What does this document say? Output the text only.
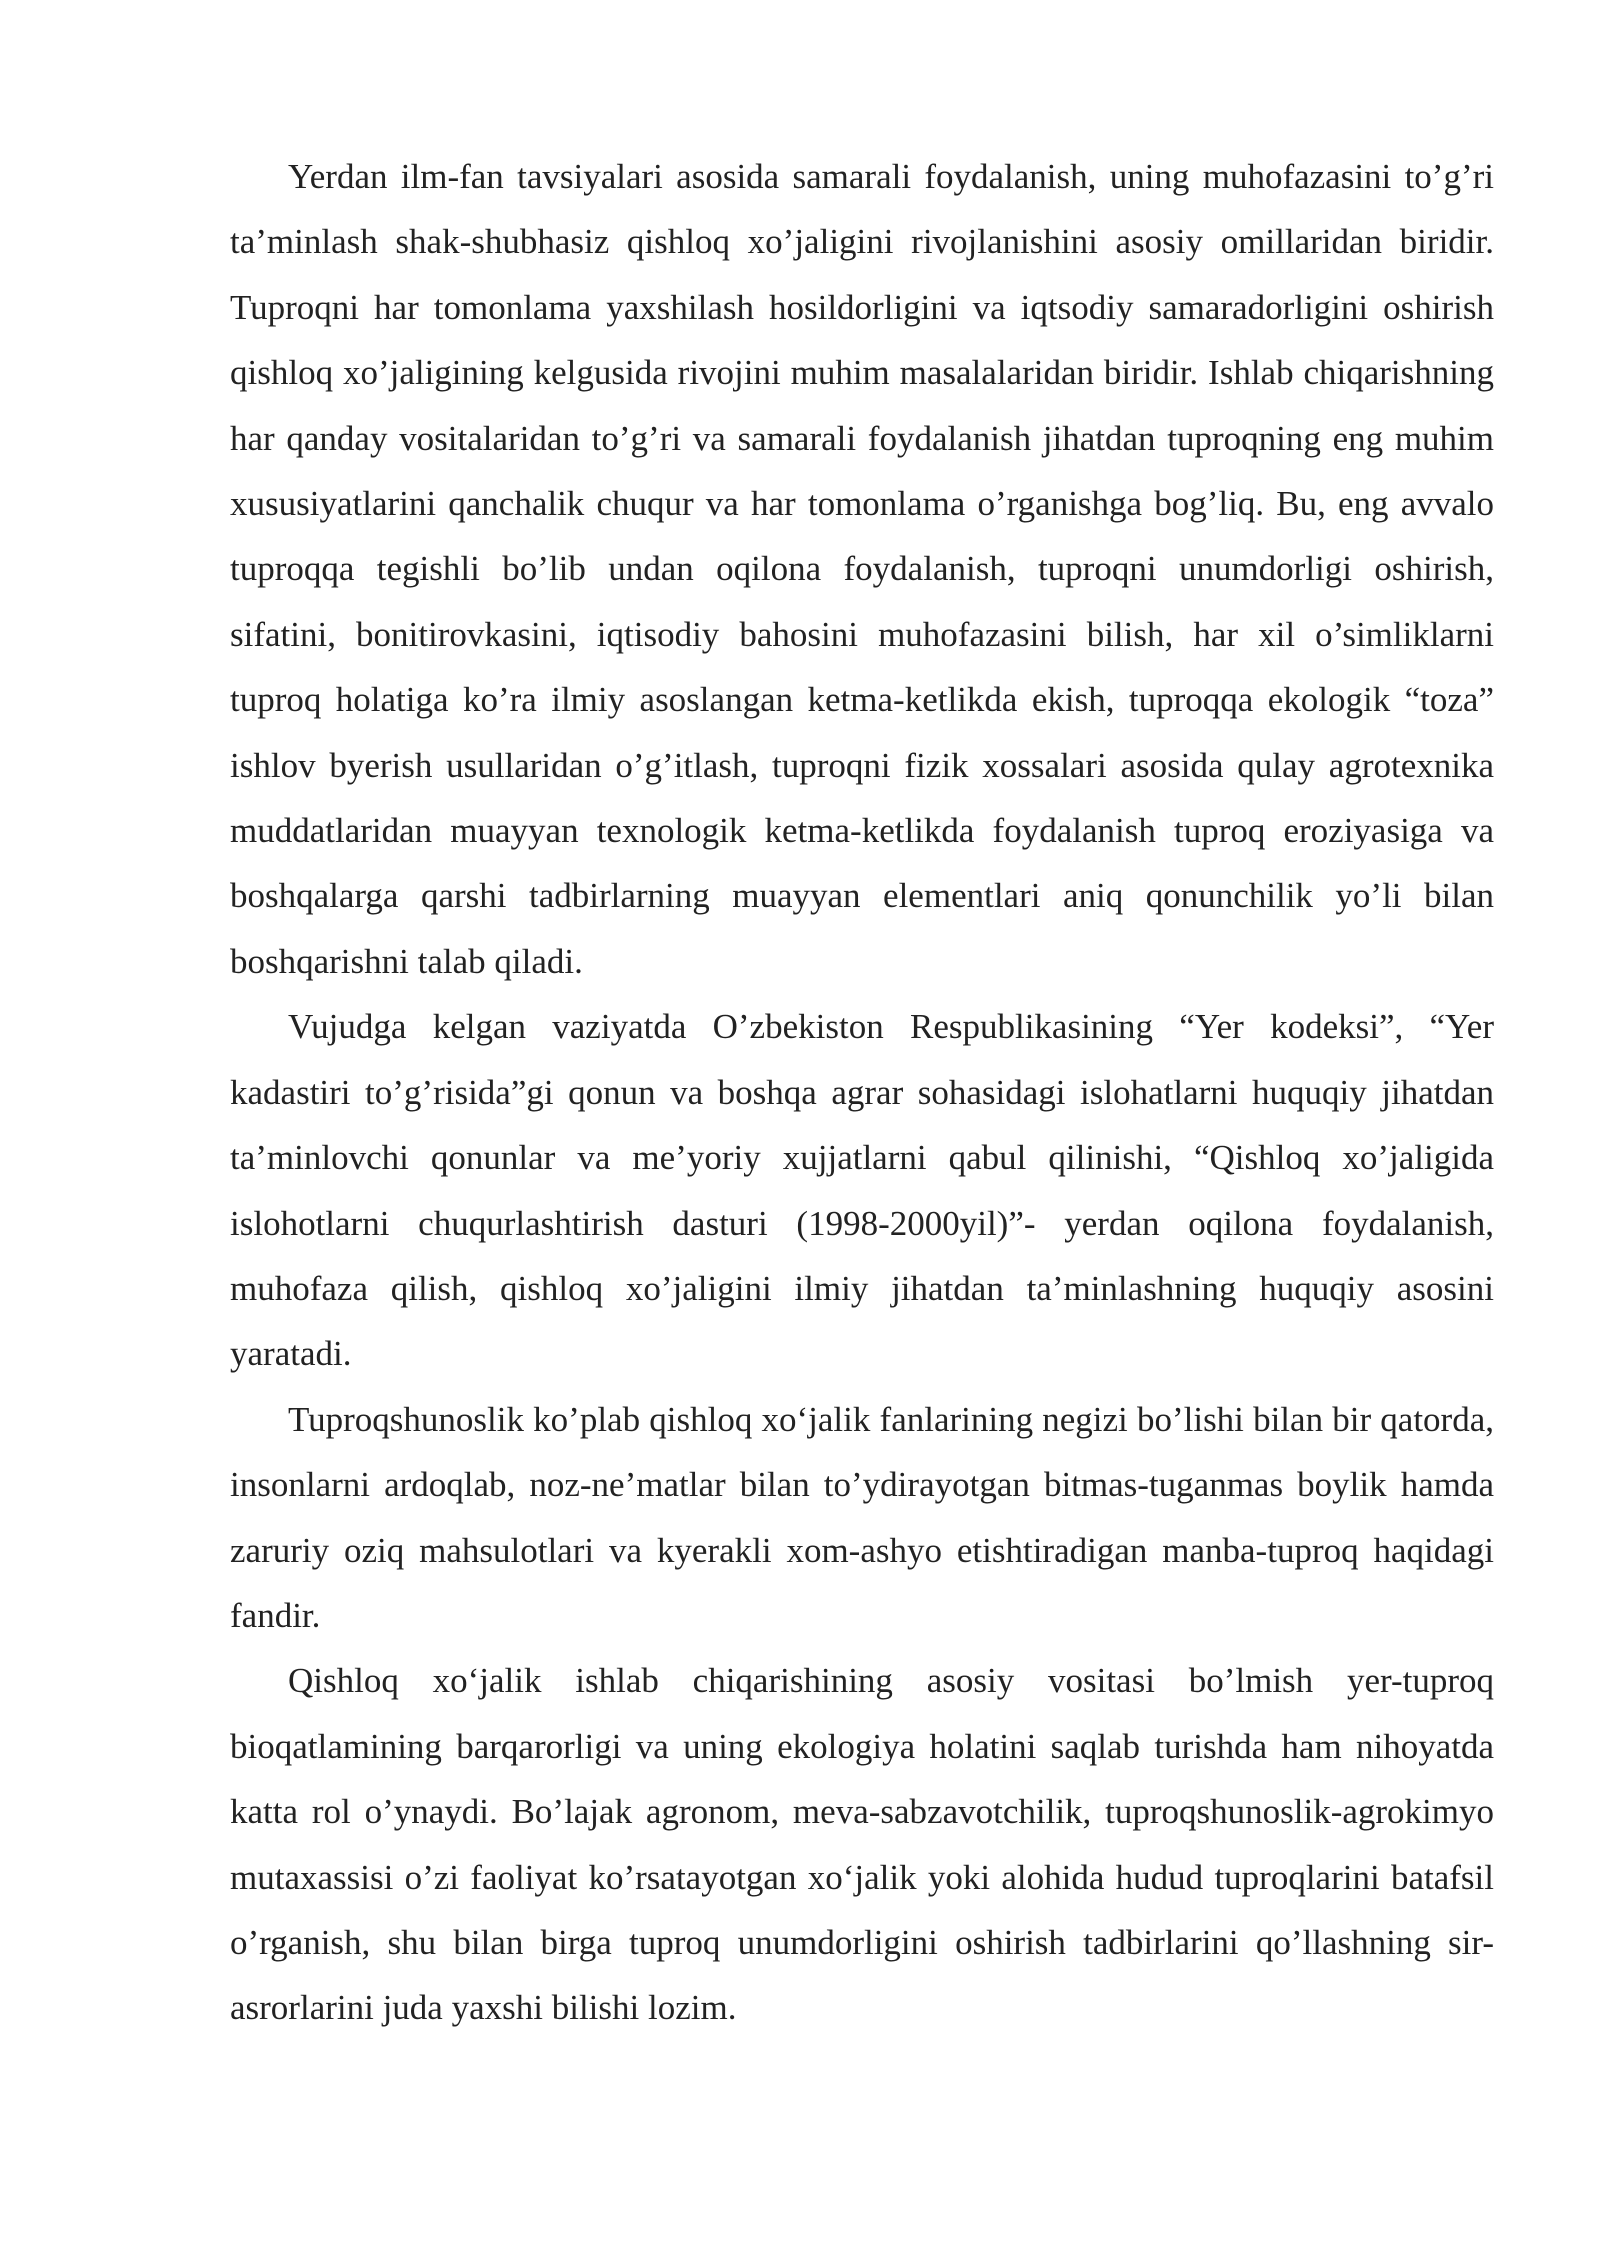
Yerdan ilm-fan tavsiyalari asosida samarali foydalanish, uning muhofazasini to’g’ri ta’minlash shak-shubhasiz qishloq xo’jaligini rivojlanishini asosiy omillaridan biridir. Tuproqni har tomonlama yaxshilash hosildorligini va iqtsodiy samaradorligini oshirish qishloq xo’jaligining kelgusida rivojini muhim masalalaridan biridir. Ishlab chiqarishning har qanday vositalaridan to’g’ri va samarali foydalanish jihatdan tuproqning eng muhim xususiyatlarini qanchalik chuqur va har tomonlama o’rganishga bog’liq. Bu, eng avvalo tuproqqa tegishli bo’lib undan oqilona foydalanish, tuproqni unumdorligi oshirish, sifatini, bonitirovkasini, iqtisodiy bahosini muhofazasini bilish, har xil o’simliklarni tuproq holatiga ko’ra ilmiy asoslangan ketma-ketlikda ekish, tuproqqa ekologik “toza” ishlov byerish usullaridan o’g’itlash, tuproqni fizik xossalari asosida qulay agrotexnika muddatlaridan muayyan texnologik ketma-ketlikda foydalanish tuproq eroziyasiga va boshqalarga qarshi tadbirlarning muayyan elementlari aniq qonunchilik yo’li bilan boshqarishni talab qiladi.

Vujudga kelgan vaziyatda O’zbekiston Respublikasining “Yer kodeksi”, “Yer kadastiri to’g’risida”gi qonun va boshqa agrar sohasidagi islohatlarni huquqiy jihatdan ta’minlovchi qonunlar va me’yoriy xujjatlarni qabul qilinishi, “Qishloq xo’jaligida islohotlarni chuqurlashtirish dasturi (1998-2000yil)”- yerdan oqilona foydalanish, muhofaza qilish, qishloq xo’jaligini ilmiy jihatdan ta’minlashning huquqiy asosini yaratadi.

Tuproqshunoslik ko’plab qishloq xo‘jalik fanlarining negizi bo’lishi bilan bir qatorda, insonlarni ardoqlab, noz-ne’matlar bilan to’ydirayotgan bitmas-tuganmas boylik hamda zaruriy oziq mahsulotlari va kyerakli xom-ashyo etishtiradigan manba-tuproq haqidagi fandir.

Qishloq xo‘jalik ishlab chiqarishining asosiy vositasi bo’lmish yer-tuproq bioqatlamining barqarorligi va uning ekologiya holatini saqlab turishda ham nihoyatda katta rol o’ynaydi. Bo’lajak agronom, meva-sabzavotchilik, tuproqshunoslik-agrokimyo mutaxassisi o’zi faoliyat ko’rsatayotgan xo‘jalik yoki alohida hudud tuproqlarini batafsil o’rganish, shu bilan birga tuproq unumdorligini oshirish tadbirlarini qo’llashning sir-asrorlarini juda yaxshi bilishi lozim.
